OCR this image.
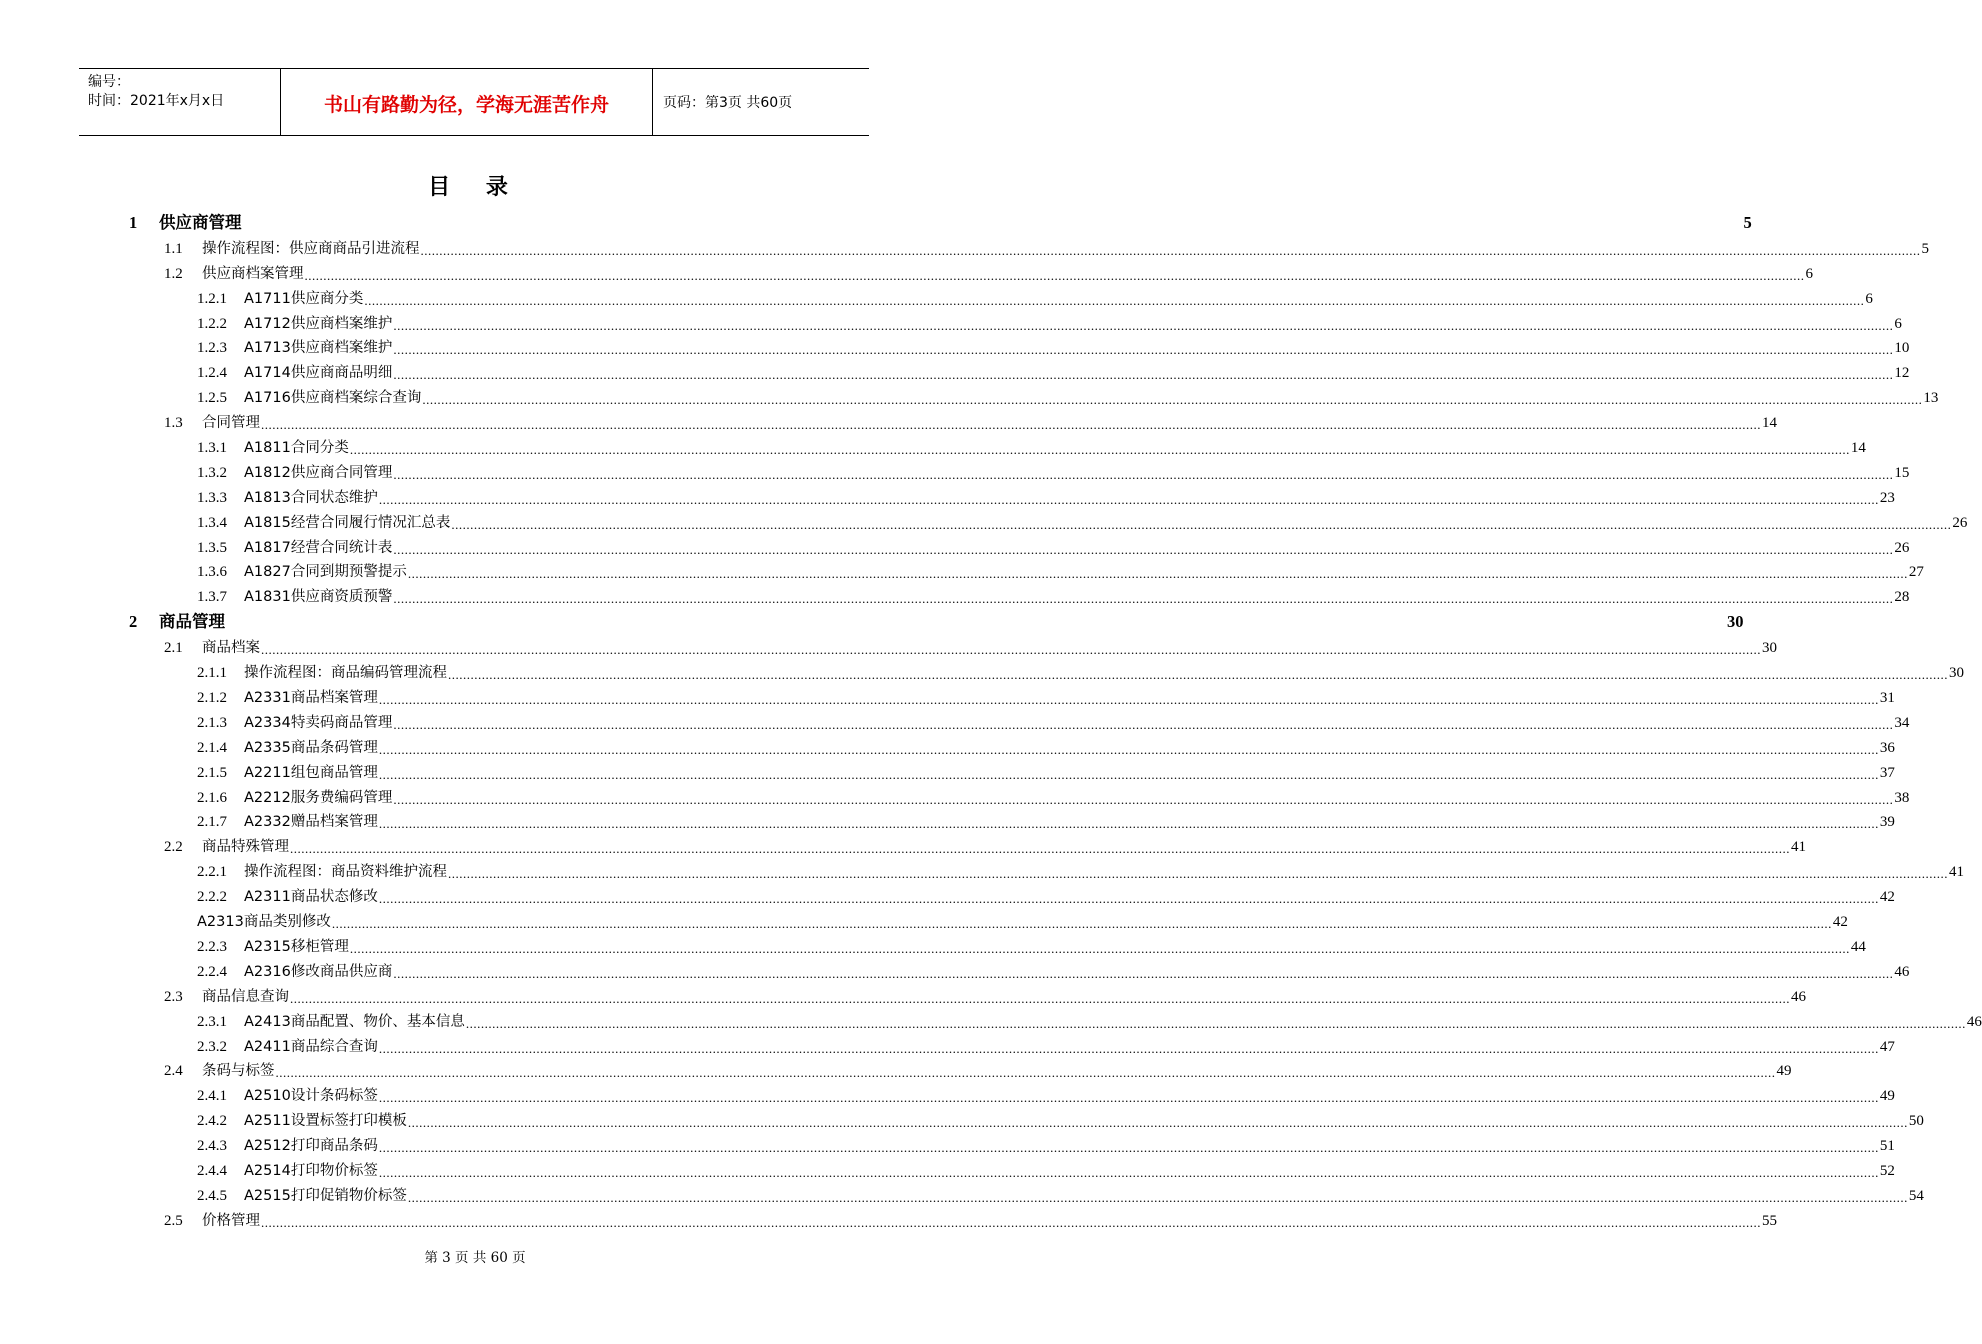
编号：
时间：2021年x月x日	书山有路勤为径，学海无涯苦作舟	页码：第3页 共60页
目 录
1	供应商管理	5
1.1	操作流程图：供应商商品引进流程 ................................................................................................................................................................................................................................................................................................................................................................................................................ 5
1.2	供应商档案管理 ................................................................................................................................................................................................................................................................................................................................................................................................................ 6
1.2.1	A1711供应商分类 ................................................................................................................................................................................................................................................................................................................................................................................................................ 6
1.2.2	A1712供应商档案维护 ................................................................................................................................................................................................................................................................................................................................................................................................................ 6
1.2.3	A1713供应商档案维护 ................................................................................................................................................................................................................................................................................................................................................................................................................ 10
1.2.4	A1714供应商商品明细 ................................................................................................................................................................................................................................................................................................................................................................................................................ 12
1.2.5	A1716供应商档案综合查询 ................................................................................................................................................................................................................................................................................................................................................................................................................ 13
1.3	合同管理 ................................................................................................................................................................................................................................................................................................................................................................................................................ 14
1.3.1	A1811合同分类 ................................................................................................................................................................................................................................................................................................................................................................................................................ 14
1.3.2	A1812供应商合同管理 ................................................................................................................................................................................................................................................................................................................................................................................................................ 15
1.3.3	A1813合同状态维护 ................................................................................................................................................................................................................................................................................................................................................................................................................ 23
1.3.4	A1815经营合同履行情况汇总表 ................................................................................................................................................................................................................................................................................................................................................................................................................ 26
1.3.5	A1817经营合同统计表 ................................................................................................................................................................................................................................................................................................................................................................................................................ 26
1.3.6	A1827合同到期预警提示 ................................................................................................................................................................................................................................................................................................................................................................................................................ 27
1.3.7	A1831供应商资质预警 ................................................................................................................................................................................................................................................................................................................................................................................................................ 28
2	商品管理	30
2.1	商品档案 ................................................................................................................................................................................................................................................................................................................................................................................................................ 30
2.1.1	操作流程图：商品编码管理流程 ................................................................................................................................................................................................................................................................................................................................................................................................................ 30
2.1.2	A2331商品档案管理 ................................................................................................................................................................................................................................................................................................................................................................................................................ 31
2.1.3	A2334特卖码商品管理 ................................................................................................................................................................................................................................................................................................................................................................................................................ 34
2.1.4	A2335商品条码管理 ................................................................................................................................................................................................................................................................................................................................................................................................................ 36
2.1.5	A2211组包商品管理 ................................................................................................................................................................................................................................................................................................................................................................................................................ 37
2.1.6	A2212服务费编码管理 ................................................................................................................................................................................................................................................................................................................................................................................................................ 38
2.1.7	A2332赠品档案管理 ................................................................................................................................................................................................................................................................................................................................................................................................................ 39
2.2	商品特殊管理 ................................................................................................................................................................................................................................................................................................................................................................................................................ 41
2.2.1	操作流程图：商品资料维护流程 ................................................................................................................................................................................................................................................................................................................................................................................................................ 41
2.2.2	A2311商品状态修改 ................................................................................................................................................................................................................................................................................................................................................................................................................ 42
A2313商品类别修改 ................................................................................................................................................................................................................................................................................................................................................................................................................ 42
2.2.3	A2315移柜管理 ................................................................................................................................................................................................................................................................................................................................................................................................................ 44
2.2.4	A2316修改商品供应商 ................................................................................................................................................................................................................................................................................................................................................................................................................ 46
2.3	商品信息查询 ................................................................................................................................................................................................................................................................................................................................................................................................................ 46
2.3.1	A2413商品配置、物价、基本信息 ................................................................................................................................................................................................................................................................................................................................................................................................................ 46
2.3.2	A2411商品综合查询 ................................................................................................................................................................................................................................................................................................................................................................................................................ 47
2.4	条码与标签 ................................................................................................................................................................................................................................................................................................................................................................................................................ 49
2.4.1	A2510设计条码标签 ................................................................................................................................................................................................................................................................................................................................................................................................................ 49
2.4.2	A2511设置标签打印模板 ................................................................................................................................................................................................................................................................................................................................................................................................................ 50
2.4.3	A2512打印商品条码 ................................................................................................................................................................................................................................................................................................................................................................................................................ 51
2.4.4	A2514打印物价标签 ................................................................................................................................................................................................................................................................................................................................................................................................................ 52
2.4.5	A2515打印促销物价标签 ................................................................................................................................................................................................................................................................................................................................................................................................................ 54
2.5	价格管理 ................................................................................................................................................................................................................................................................................................................................................................................................................ 55
第 3 页 共 60 页
